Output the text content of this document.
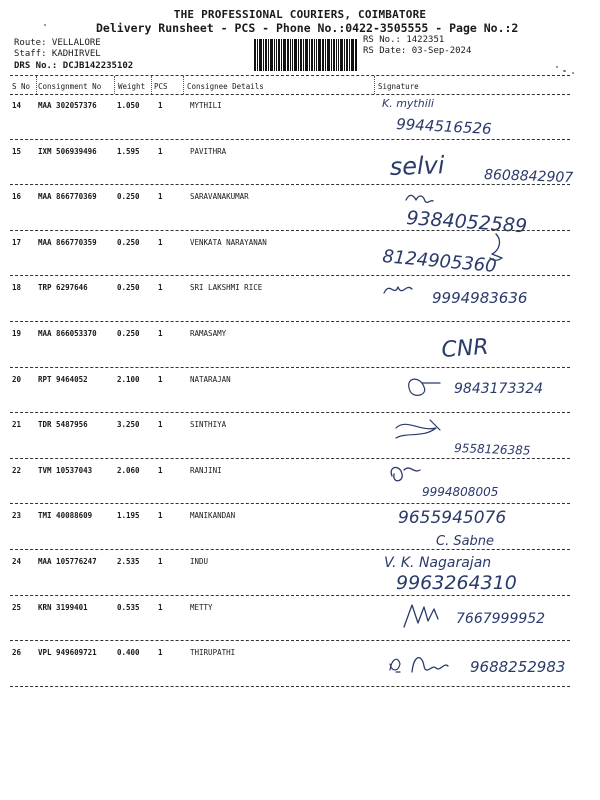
THE PROFESSIONAL COURIERS, COIMBATORE
Delivery Runsheet - PCS - Phone No.:0422-3505555 - Page No.:2
Route: VELLALORE
Staff: KADHIRVEL
DRS No.: DCJB142235102
RS No.: 1422351
RS Date: 03-Sep-2024
S No Consignment No Weight PCS	Consignee Details	Signature
14 MAA 302057376	1.050 1	MYTHILI	K. mythili
9944516526
15 IXM 506939496	1.595 1	PAVITHRA	selvi	8608842907
16 MAA 866770369	0.250 1	SARAVANAKUMAR
9384052589
17 MAA 866770359	0.250 1	VENKATA NARAYANAN
8124905360
18 TRP 6297646	0.250 1	SRI LAKSHMI RICE
9994983636
19 MAA 866053370	0.250 1	RAMASAMY
CNR
20 RPT 9464052	2.100 1	NATARAJAN
9843173324
21 TDR 5487956	3.250 1	SINTHIYA
9558126385
22 TVM 10537043	2.060 1	RANJINI
9994808005
23 TMI 40088609	1.195 1	MANIKANDAN	9655945076
C. Sabne
24 MAA 105776247	2.535 1	INDU	V. K. Nagarajan
9963264310
25 KRN 3199401	0.535 1	METTY
7667999952
26 VPL 949609721	0.400 1	THIRUPATHI
9688252983
